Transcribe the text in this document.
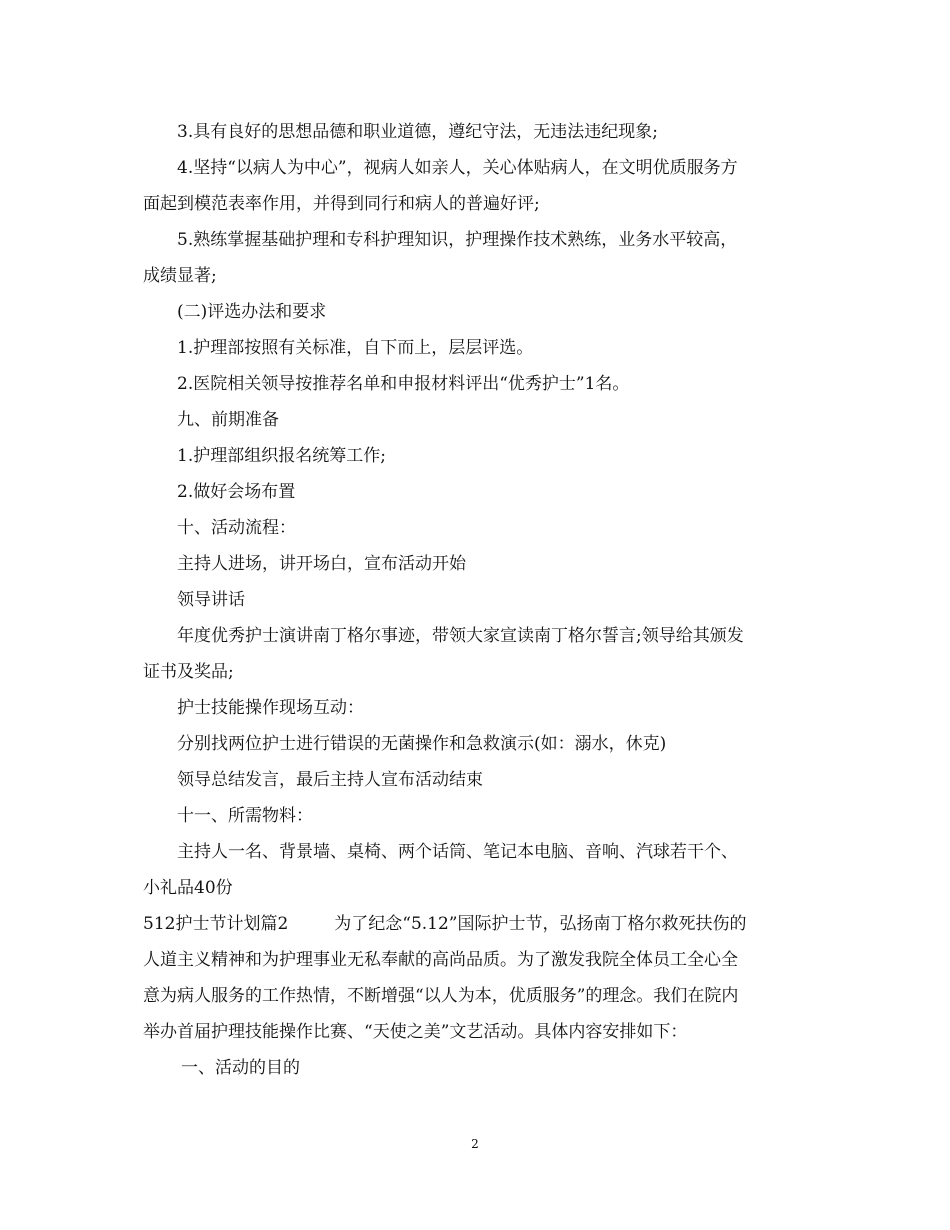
3.具有良好的思想品德和职业道德，遵纪守法，无违法违纪现象;
4.坚持“以病人为中心”，视病人如亲人，关心体贴病人，在文明优质服务方
面起到模范表率作用，并得到同行和病人的普遍好评;
5.熟练掌握基础护理和专科护理知识，护理操作技术熟练，业务水平较高，
成绩显著;
(二)评选办法和要求
1.护理部按照有关标准，自下而上，层层评选。
2.医院相关领导按推荐名单和申报材料评出“优秀护士”1名。
九、前期准备
1.护理部组织报名统筹工作;
2.做好会场布置
十、活动流程：
主持人进场，讲开场白，宣布活动开始
领导讲话
年度优秀护士演讲南丁格尔事迹，带领大家宣读南丁格尔誓言;领导给其颁发
证书及奖品;
护士技能操作现场互动：
分别找两位护士进行错误的无菌操作和急救演示(如：溺水，休克)
领导总结发言，最后主持人宣布活动结束
十一、所需物料：
主持人一名、背景墙、桌椅、两个话筒、笔记本电脑、音响、汽球若干个、
小礼品40份
512护士节计划篇2	为了纪念“5.12”国际护士节，弘扬南丁格尔救死扶伤的
人道主义精神和为护理事业无私奉献的高尚品质。为了激发我院全体员工全心全
意为病人服务的工作热情，不断增强“以人为本，优质服务”的理念。我们在院内
举办首届护理技能操作比赛、“天使之美”文艺活动。具体内容安排如下：
一、活动的目的
2
